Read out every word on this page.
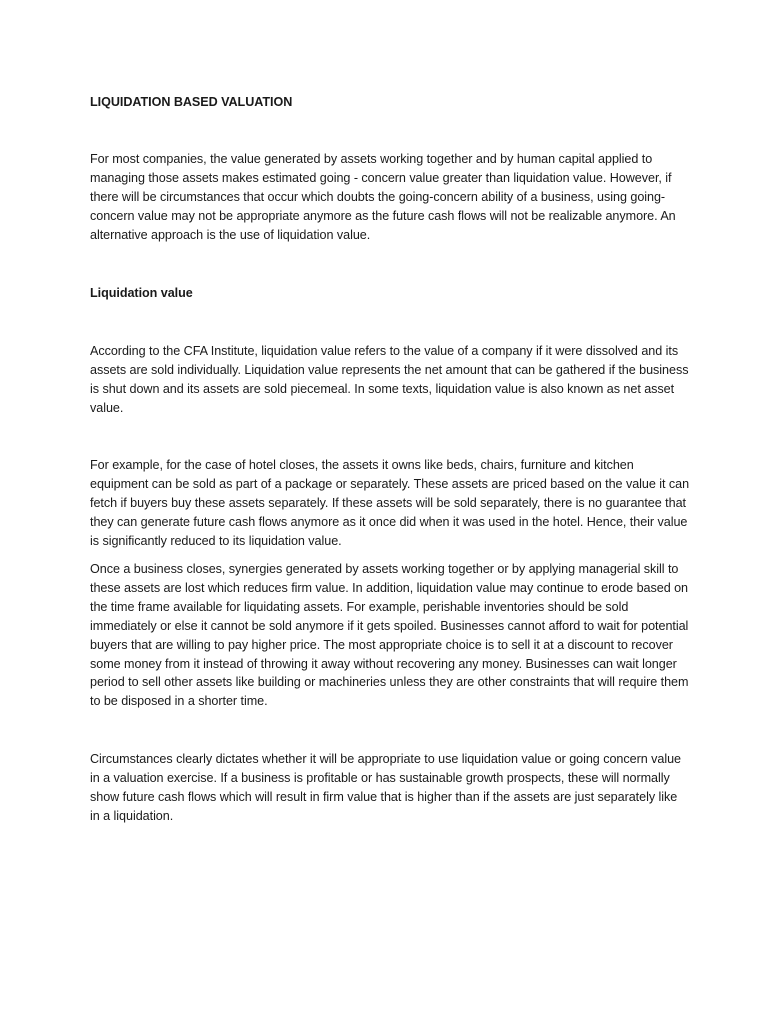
LIQUIDATION BASED VALUATION

For most companies, the value generated by assets working together and by human capital applied to managing those assets makes estimated going - concern value greater than liquidation value. However, if there will be circumstances that occur which doubts the going-concern ability of a business, using going-concern value may not be appropriate anymore as the future cash flows will not be realizable anymore. An alternative approach is the use of liquidation value.

Liquidation value

According to the CFA Institute, liquidation value refers to the value of a company if it were dissolved and its assets are sold individually. Liquidation value represents the net amount that can be gathered if the business is shut down and its assets are sold piecemeal. In some texts, liquidation value is also known as net asset value.

For example, for the case of hotel closes, the assets it owns like beds, chairs, furniture and kitchen equipment can be sold as part of a package or separately. These assets are priced based on the value it can fetch if buyers buy these assets separately. If these assets will be sold separately, there is no guarantee that they can generate future cash flows anymore as it once did when it was used in the hotel. Hence, their value is significantly reduced to its liquidation value.

Once a business closes, synergies generated by assets working together or by applying managerial skill to these assets are lost which reduces firm value. In addition, liquidation value may continue to erode based on the time frame available for liquidating assets. For example, perishable inventories should be sold immediately or else it cannot be sold anymore if it gets spoiled. Businesses cannot afford to wait for potential buyers that are willing to pay higher price. The most appropriate choice is to sell it at a discount to recover some money from it instead of throwing it away without recovering any money. Businesses can wait longer period to sell other assets like building or machineries unless they are other constraints that will require them to be disposed in a shorter time.

Circumstances clearly dictates whether it will be appropriate to use liquidation value or going concern value in a valuation exercise. If a business is profitable or has sustainable growth prospects, these will normally show future cash flows which will result in firm value that is higher than if the assets are just separately like in a liquidation.
